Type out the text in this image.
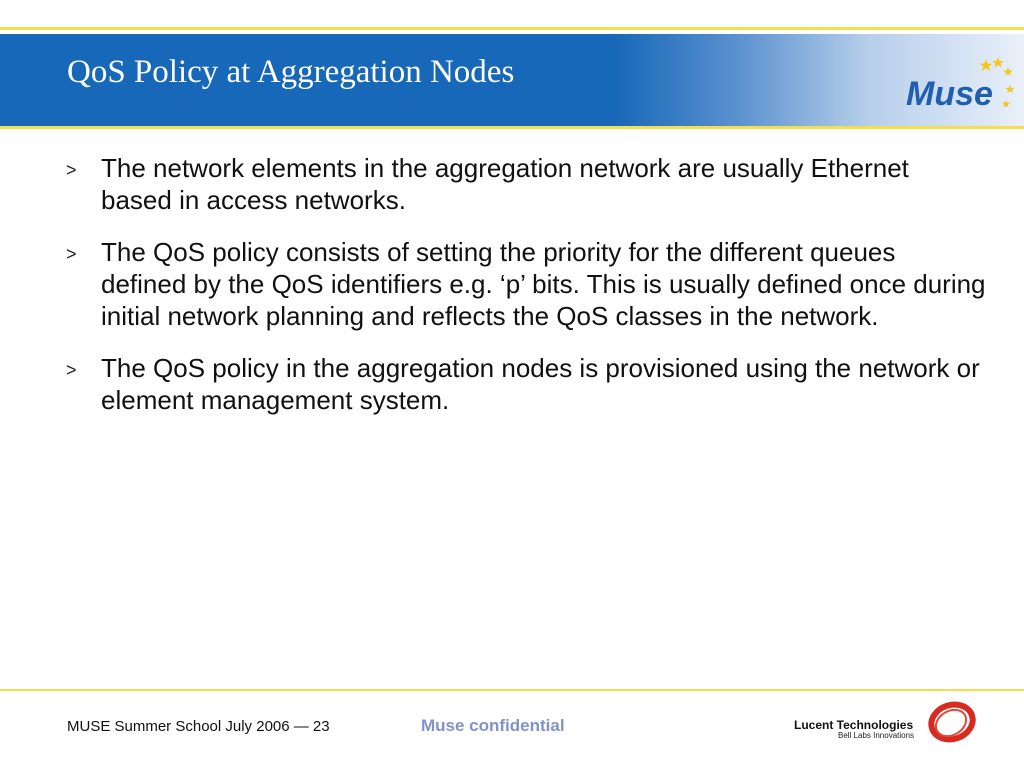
QoS Policy at Aggregation Nodes
Muse
> The network elements in the aggregation network are usually Ethernet based in access networks.
> The QoS policy consists of setting the priority for the different queues defined by the QoS identifiers e.g. ‘p’ bits. This is usually defined once during initial network planning and reflects the QoS classes in the network.
> The QoS policy in the aggregation nodes is provisioned using the network or element management system.
MUSE Summer School July 2006 — 23	Muse confidential	Lucent Technologies
Bell Labs Innovations
